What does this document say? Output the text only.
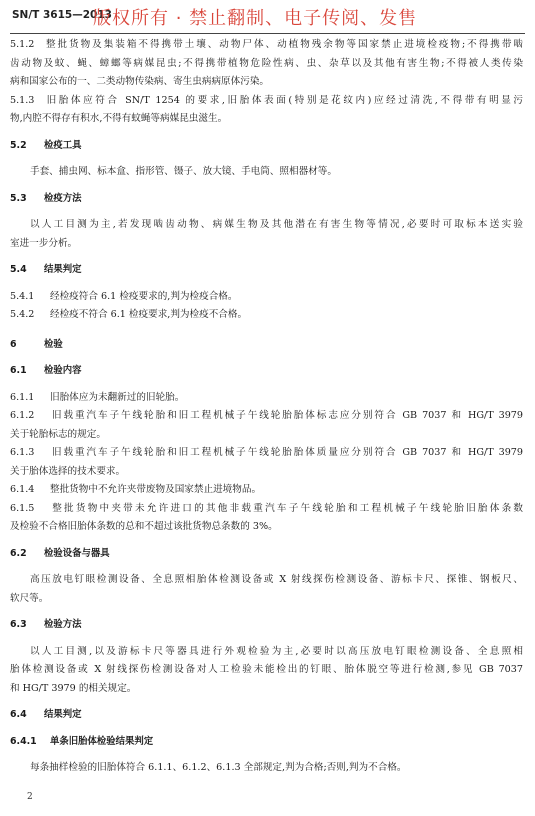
SN/T 3615—2013
版权所有 · 禁止翻制、电子传阅、发售
5.1.2 整批货物及集装箱不得携带土壤、动物尸体、动植物残余物等国家禁止进境检疫物;不得携带啮
齿动物及蚊、蝇、蟑螂等病媒昆虫;不得携带植物危险性病、虫、杂草以及其他有害生物;不得被人类传染
病和国家公布的一、二类动物传染病、寄生虫病病原体污染。
5.1.3 旧胎体应符合 SN/T 1254 的要求,旧胎体表面(特别是花纹内)应经过清洗,不得带有明显污
物,内腔不得存有积水,不得有蚊蝇等病媒昆虫滋生。
5.2 检疫工具
手套、捕虫网、标本盒、指形管、镊子、放大镜、手电筒、照相器材等。
5.3 检疫方法
以人工目测为主,若发现啮齿动物、病媒生物及其他潜在有害生物等情况,必要时可取标本送实验
室进一步分析。
5.4 结果判定
5.4.1 经检疫符合 6.1 检疫要求的,判为检疫合格。
5.4.2 经检疫不符合 6.1 检疫要求,判为检疫不合格。
6	检验
6.1 检验内容
6.1.1 旧胎体应为未翻新过的旧轮胎。
6.1.2 旧载重汽车子午线轮胎和旧工程机械子午线轮胎胎体标志应分别符合 GB 7037 和 HG/T 3979
关于轮胎标志的规定。
6.1.3 旧载重汽车子午线轮胎和旧工程机械子午线轮胎胎体质量应分别符合 GB 7037 和 HG/T 3979
关于胎体选择的技术要求。
6.1.4 整批货物中不允许夹带废物及国家禁止进境物品。
6.1.5 整批货物中夹带未允许进口的其他非载重汽车子午线轮胎和工程机械子午线轮胎旧胎体条数
及检验不合格旧胎体条数的总和不超过该批货物总条数的 3%。
6.2 检验设备与器具
高压放电钉眼检测设备、全息照相胎体检测设备或 X 射线探伤检测设备、游标卡尺、探锥、钢板尺、
软尺等。
6.3 检验方法
以人工目测,以及游标卡尺等器具进行外观检验为主,必要时以高压放电钉眼检测设备、全息照相
胎体检测设备或 X 射线探伤检测设备对人工检验未能检出的钉眼、胎体脱空等进行检测,参见 GB 7037
和 HG/T 3979 的相关规定。
6.4 结果判定
6.4.1 单条旧胎体检验结果判定
每条抽样检验的旧胎体符合 6.1.1、6.1.2、6.1.3 全部规定,判为合格;否则,判为不合格。
2
